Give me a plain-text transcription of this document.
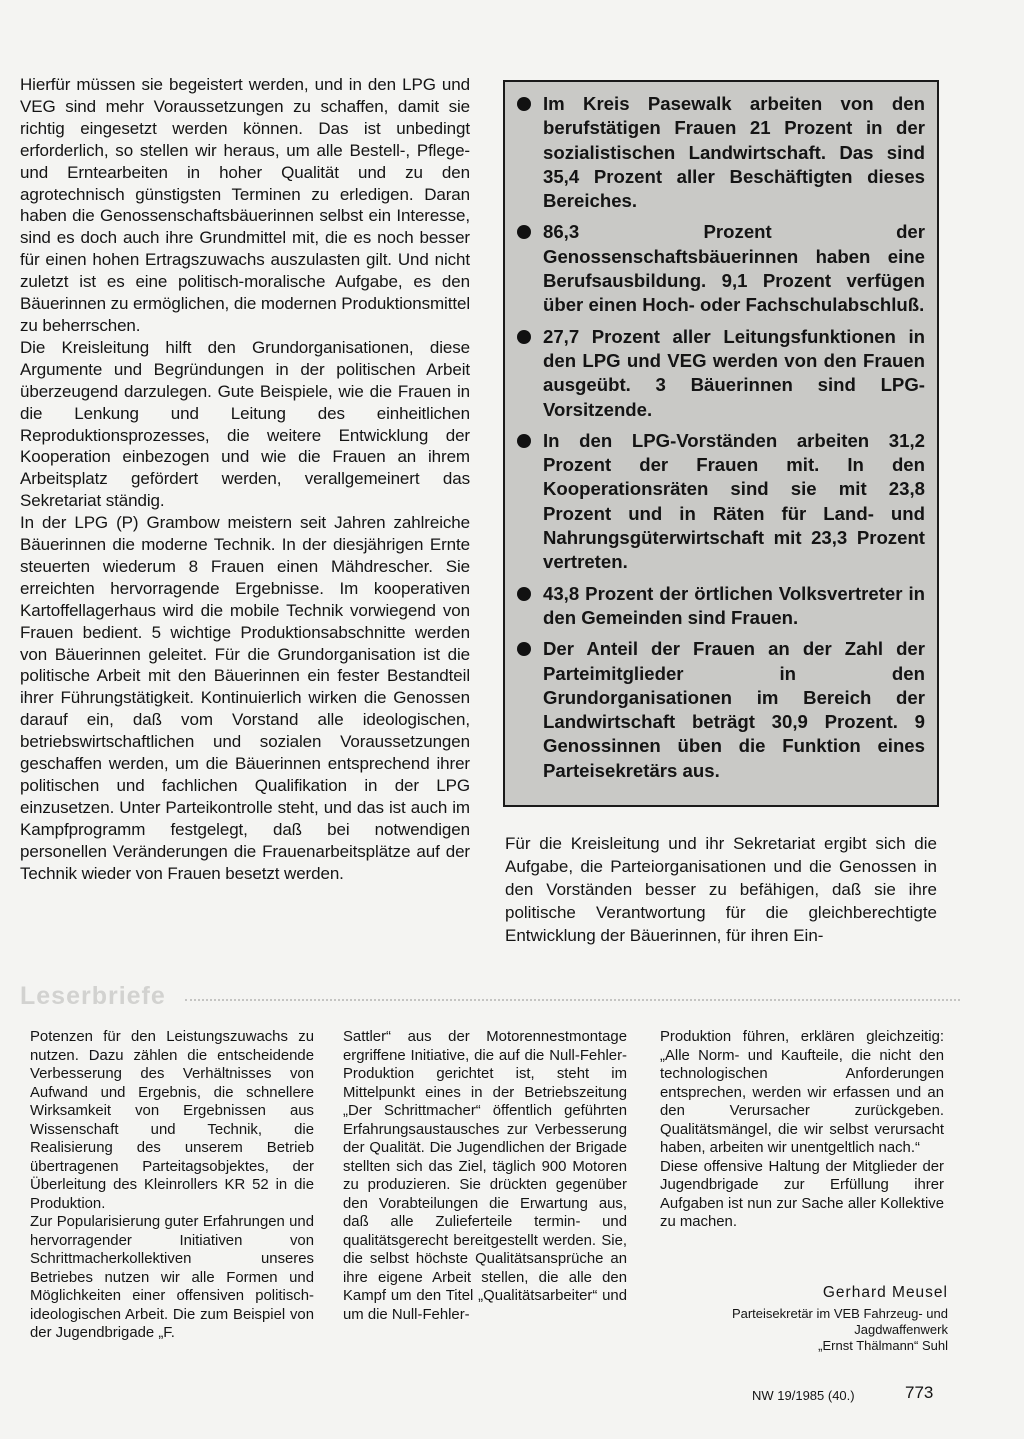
Hierfür müssen sie begeistert werden, und in den LPG und VEG sind mehr Voraussetzungen zu schaffen, damit sie richtig eingesetzt werden können. Das ist unbedingt erforderlich, so stellen wir heraus, um alle Bestell-, Pflege- und Erntearbeiten in hoher Qualität und zu den agrotechnisch günstigsten Terminen zu erledigen. Daran haben die Genossenschaftsbäuerinnen selbst ein Interesse, sind es doch auch ihre Grundmittel mit, die es noch besser für einen hohen Ertragszuwachs auszulasten gilt. Und nicht zuletzt ist es eine politisch-moralische Aufgabe, es den Bäuerinnen zu ermöglichen, die modernen Produktionsmittel zu beherrschen.

Die Kreisleitung hilft den Grundorganisationen, diese Argumente und Begründungen in der politischen Arbeit überzeugend darzulegen. Gute Beispiele, wie die Frauen in die Lenkung und Leitung des einheitlichen Reproduktionsprozesses, die weitere Entwicklung der Kooperation einbezogen und wie die Frauen an ihrem Arbeitsplatz gefördert werden, verallgemeinert das Sekretariat ständig.

In der LPG (P) Grambow meistern seit Jahren zahlreiche Bäuerinnen die moderne Technik. In der diesjährigen Ernte steuerten wiederum 8 Frauen einen Mähdrescher. Sie erreichten hervorragende Ergebnisse. Im kooperativen Kartoffellagerhaus wird die mobile Technik vorwiegend von Frauen bedient. 5 wichtige Produktionsabschnitte werden von Bäuerinnen geleitet. Für die Grundorganisation ist die politische Arbeit mit den Bäuerinnen ein fester Bestandteil ihrer Führungstätigkeit. Kontinuierlich wirken die Genossen darauf ein, daß vom Vorstand alle ideologischen, betriebswirtschaftlichen und sozialen Voraussetzungen geschaffen werden, um die Bäuerinnen entsprechend ihrer politischen und fachlichen Qualifikation in der LPG einzusetzen. Unter Parteikontrolle steht, und das ist auch im Kampfprogramm festgelegt, daß bei notwendigen personellen Veränderungen die Frauenarbeitsplätze auf der Technik wieder von Frauen besetzt werden.

Im Kreis Pasewalk arbeiten von den berufstätigen Frauen 21 Prozent in der sozialistischen Landwirtschaft. Das sind 35,4 Prozent aller Beschäftigten dieses Bereiches.
86,3 Prozent der Genossenschaftsbäuerinnen haben eine Berufsausbildung. 9,1 Prozent verfügen über einen Hoch- oder Fachschulabschluß.
27,7 Prozent aller Leitungsfunktionen in den LPG und VEG werden von den Frauen ausgeübt. 3 Bäuerinnen sind LPG-Vorsitzende.
In den LPG-Vorständen arbeiten 31,2 Prozent der Frauen mit. In den Kooperationsräten sind sie mit 23,8 Prozent und in Räten für Land- und Nahrungsgüterwirtschaft mit 23,3 Prozent vertreten.
43,8 Prozent der örtlichen Volksvertreter in den Gemeinden sind Frauen.
Der Anteil der Frauen an der Zahl der Parteimitglieder in den Grundorganisationen im Bereich der Landwirtschaft beträgt 30,9 Prozent. 9 Genossinnen üben die Funktion eines Parteisekretärs aus.

Für die Kreisleitung und ihr Sekretariat ergibt sich die Aufgabe, die Parteiorganisationen und die Genossen in den Vorständen besser zu befähigen, daß sie ihre politische Verantwortung für die gleichberechtigte Entwicklung der Bäuerinnen, für ihren Ein-

Leserbriefe

Potenzen für den Leistungszuwachs zu nutzen. Dazu zählen die entscheidende Verbesserung des Verhältnisses von Aufwand und Ergebnis, die schnellere Wirksamkeit von Ergebnissen aus Wissenschaft und Technik, die Realisierung des unserem Betrieb übertragenen Parteitagsobjektes, der Überleitung des Kleinrollers KR 52 in die Produktion.

Zur Popularisierung guter Erfahrungen und hervorragender Initiativen von Schrittmacherkollektiven unseres Betriebes nutzen wir alle Formen und Möglichkeiten einer offensiven politisch-ideologischen Arbeit. Die zum Beispiel von der Jugendbrigade „F.

Sattler“ aus der Motorennestmontage ergriffene Initiative, die auf die Null-Fehler-Produktion gerichtet ist, steht im Mittelpunkt eines in der Betriebszeitung „Der Schrittmacher“ öffentlich geführten Erfahrungsaustausches zur Verbesserung der Qualität. Die Jugendlichen der Brigade stellten sich das Ziel, täglich 900 Motoren zu produzieren. Sie drückten gegenüber den Vorabteilungen die Erwartung aus, daß alle Zulieferteile termin- und qualitätsgerecht bereitgestellt werden. Sie, die selbst höchste Qualitätsansprüche an ihre eigene Arbeit stellen, die alle den Kampf um den Titel „Qualitätsarbeiter“ und um die Null-Fehler-

Produktion führen, erklären gleichzeitig: „Alle Norm- und Kaufteile, die nicht den technologischen Anforderungen entsprechen, werden wir erfassen und an den Verursacher zurückgeben. Qualitätsmängel, die wir selbst verursacht haben, arbeiten wir unentgeltlich nach.“

Diese offensive Haltung der Mitglieder der Jugendbrigade zur Erfüllung ihrer Aufgaben ist nun zur Sache aller Kollektive zu machen.

Gerhard Meusel
Parteisekretär im VEB Fahrzeug- und
Jagdwaffenwerk
„Ernst Thälmann“ Suhl
NW 19/1985 (40.)	773
